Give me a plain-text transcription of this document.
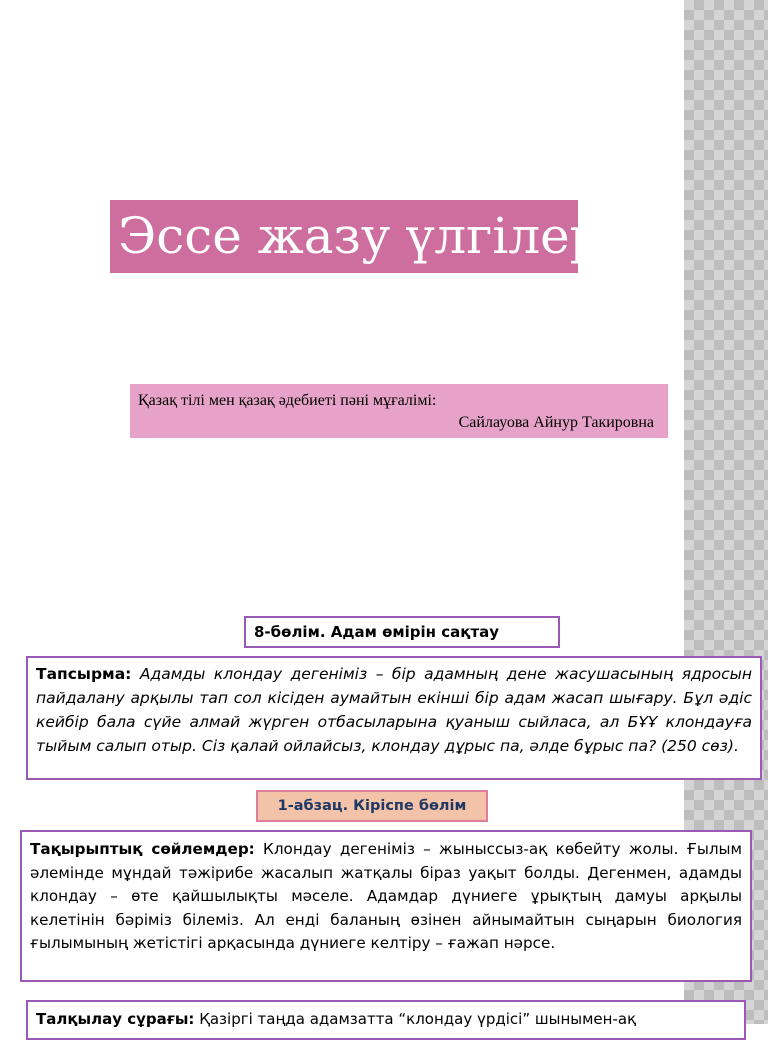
Эссе жазу үлгілері
Қазақ тілі мен қазақ әдебиеті пәні мұғалімі:
Сайлауова Айнур Такировна
8-бөлім. Адам өмірін сақтау
Тапсырма: Адамды клондау дегеніміз – бір адамның дене жасушасының ядросын пайдалану арқылы тап сол кісіден аумайтын екінші бір адам жасап шығару. Бұл әдіс кейбір бала сүйе алмай жүрген отбасыларына қуаныш сыйласа, ал БҰҰ клондауға тыйым салып отыр. Сіз қалай ойлайсыз, клондау дұрыс па, әлде бұрыс па? (250 сөз).
1-абзац. Кіріспе бөлім
Тақырыптық сөйлемдер: Клондау дегеніміз – жыныссыз-ақ көбейту жолы. Ғылым әлемінде мұндай тәжірибе жасалып жатқалы біраз уақыт болды. Дегенмен, адамды клондау – өте қайшылықты мәселе. Адамдар дүниеге ұрықтың дамуы арқылы келетінін бәріміз білеміз. Ал енді баланың өзінен айнымайтын сыңарын биология ғылымының жетістігі арқасында дүниеге келтіру – ғажап нәрсе.
Талқылау сұрағы: Қазіргі таңда адамзатта “клондау үрдісі” шынымен-ақ
